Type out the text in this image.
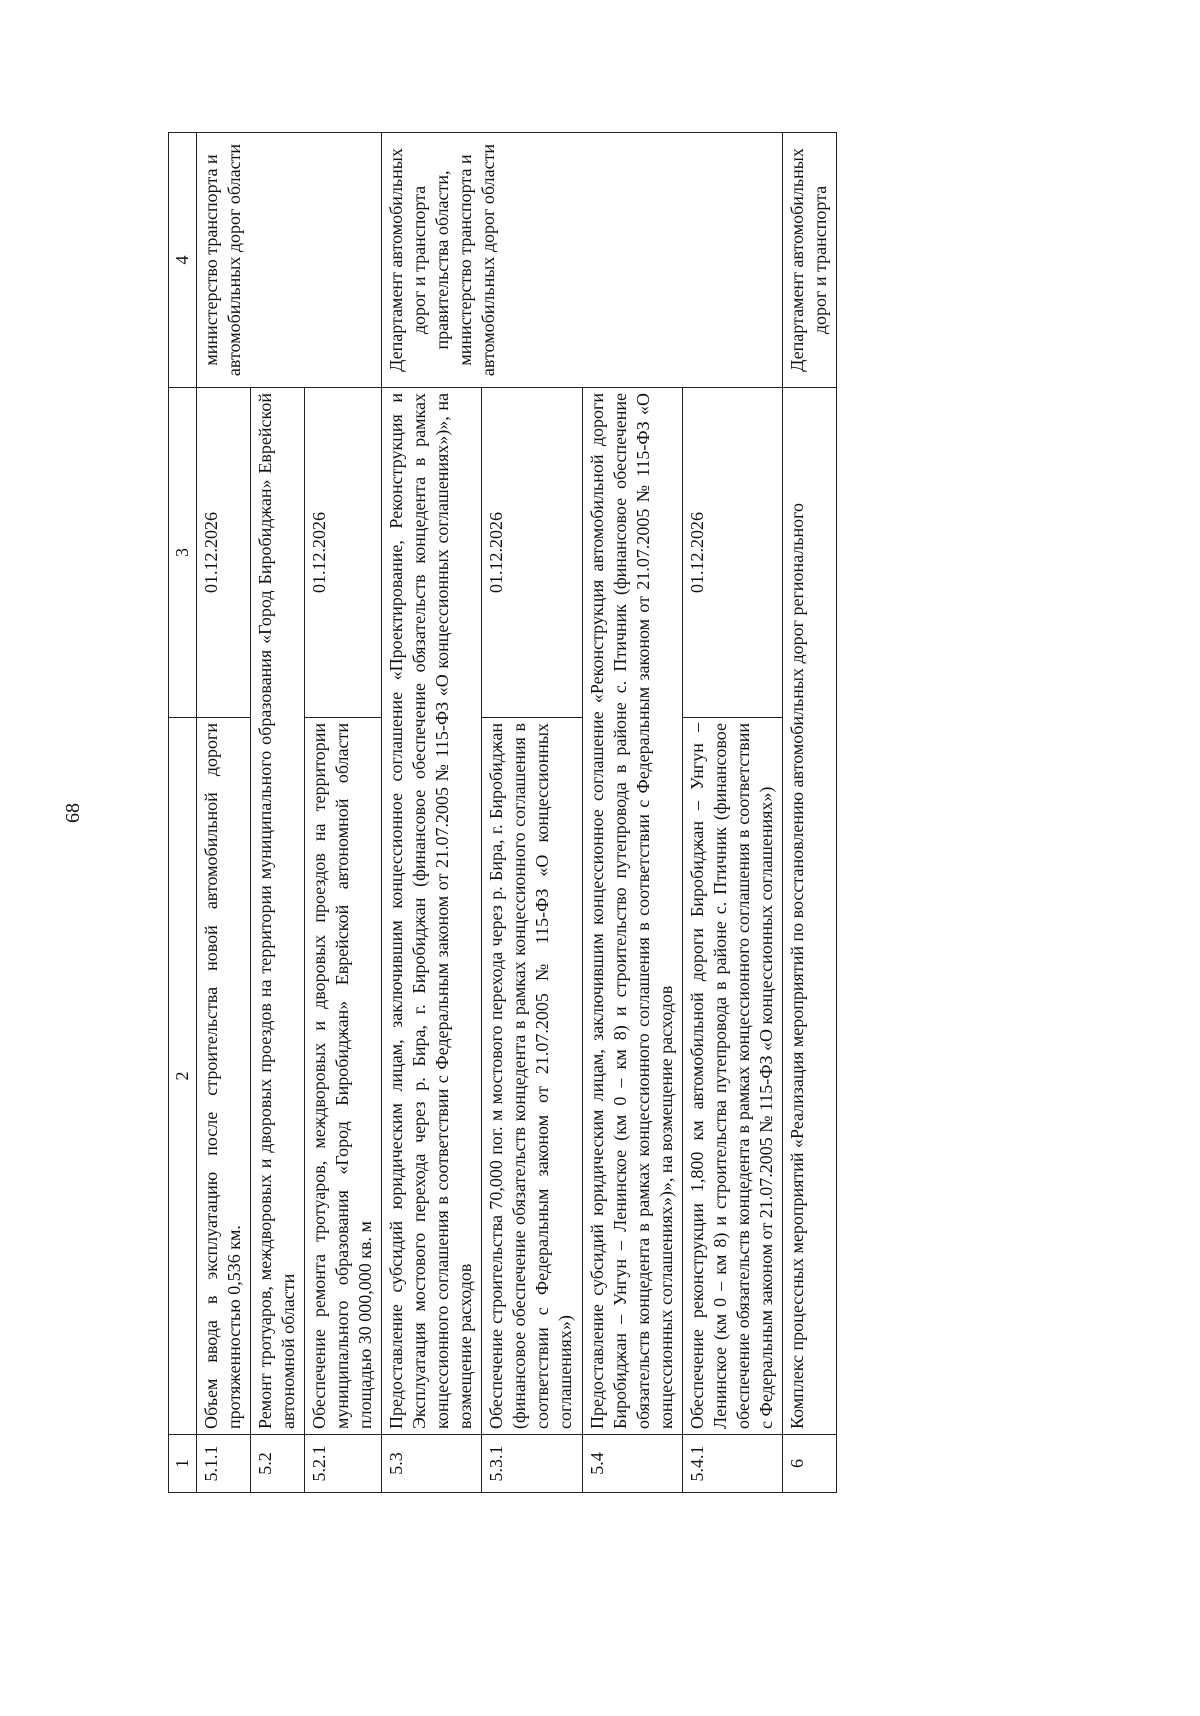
68
1	2	3	4
5.1.1	Объем ввода в эксплуатацию после строительства новой автомобильной дороги протяженностью 0,536 км.	01.12.2026	министерство транспорта и автомобильных дорог области
5.2	Ремонт тротуаров, междворовых и дворовых проездов на территории муниципального образования «Город Биробиджан» Еврейской автономной области		
5.2.1	Обеспечение ремонта тротуаров, междворовых и дворовых проездов на территории муниципального образования «Город Биробиджан» Еврейской автономной области площадью 30 000,000 кв. м	01.12.2026	
5.3	Предоставление субсидий юридическим лицам, заключившим концессионное соглашение «Проектирование, Реконструкция и Эксплуатация мостового перехода через р. Бира, г. Биробиджан (финансовое обеспечение обязательств концедента в рамках концессионного соглашения в соответствии с Федеральным законом от 21.07.2005 № 115-ФЗ «О концессионных соглашениях»)», на возмещение расходов		Департамент автомобильных дорог и транспорта правительства области, министерство транспорта и автомобильных дорог области
5.3.1	Обеспечение строительства 70,000 пог. м мостового перехода через р. Бира, г. Биробиджан (финансовое обеспечение обязательств концедента в рамках концессионного соглашения в соответствии с Федеральным законом от 21.07.2005 № 115-ФЗ «О концессионных соглашениях»)	01.12.2026	
5.4	Предоставление субсидий юридическим лицам, заключившим концессионное соглашение «Реконструкция автомобильной дороги Биробиджан – Унгун – Ленинское (км 0 – км 8) и строительство путепровода в районе с. Птичник (финансовое обеспечение обязательств концедента в рамках концессионного соглашения в соответствии с Федеральным законом от 21.07.2005 № 115-ФЗ «О концессионных соглашениях»)», на возмещение расходов		
5.4.1	Обеспечение реконструкции 1,800 км автомобильной дороги Биробиджан – Унгун – Ленинское (км 0 – км 8) и строительства путепровода в районе с. Птичник (финансовое обеспечение обязательств концедента в рамках концессионного соглашения в соответствии с Федеральным законом от 21.07.2005 № 115-ФЗ «О концессионных соглашениях»)	01.12.2026	
6	Комплекс процессных мероприятий «Реализация мероприятий по восстановлению автомобильных дорог регионального		Департамент автомобильных дорог и транспорта
